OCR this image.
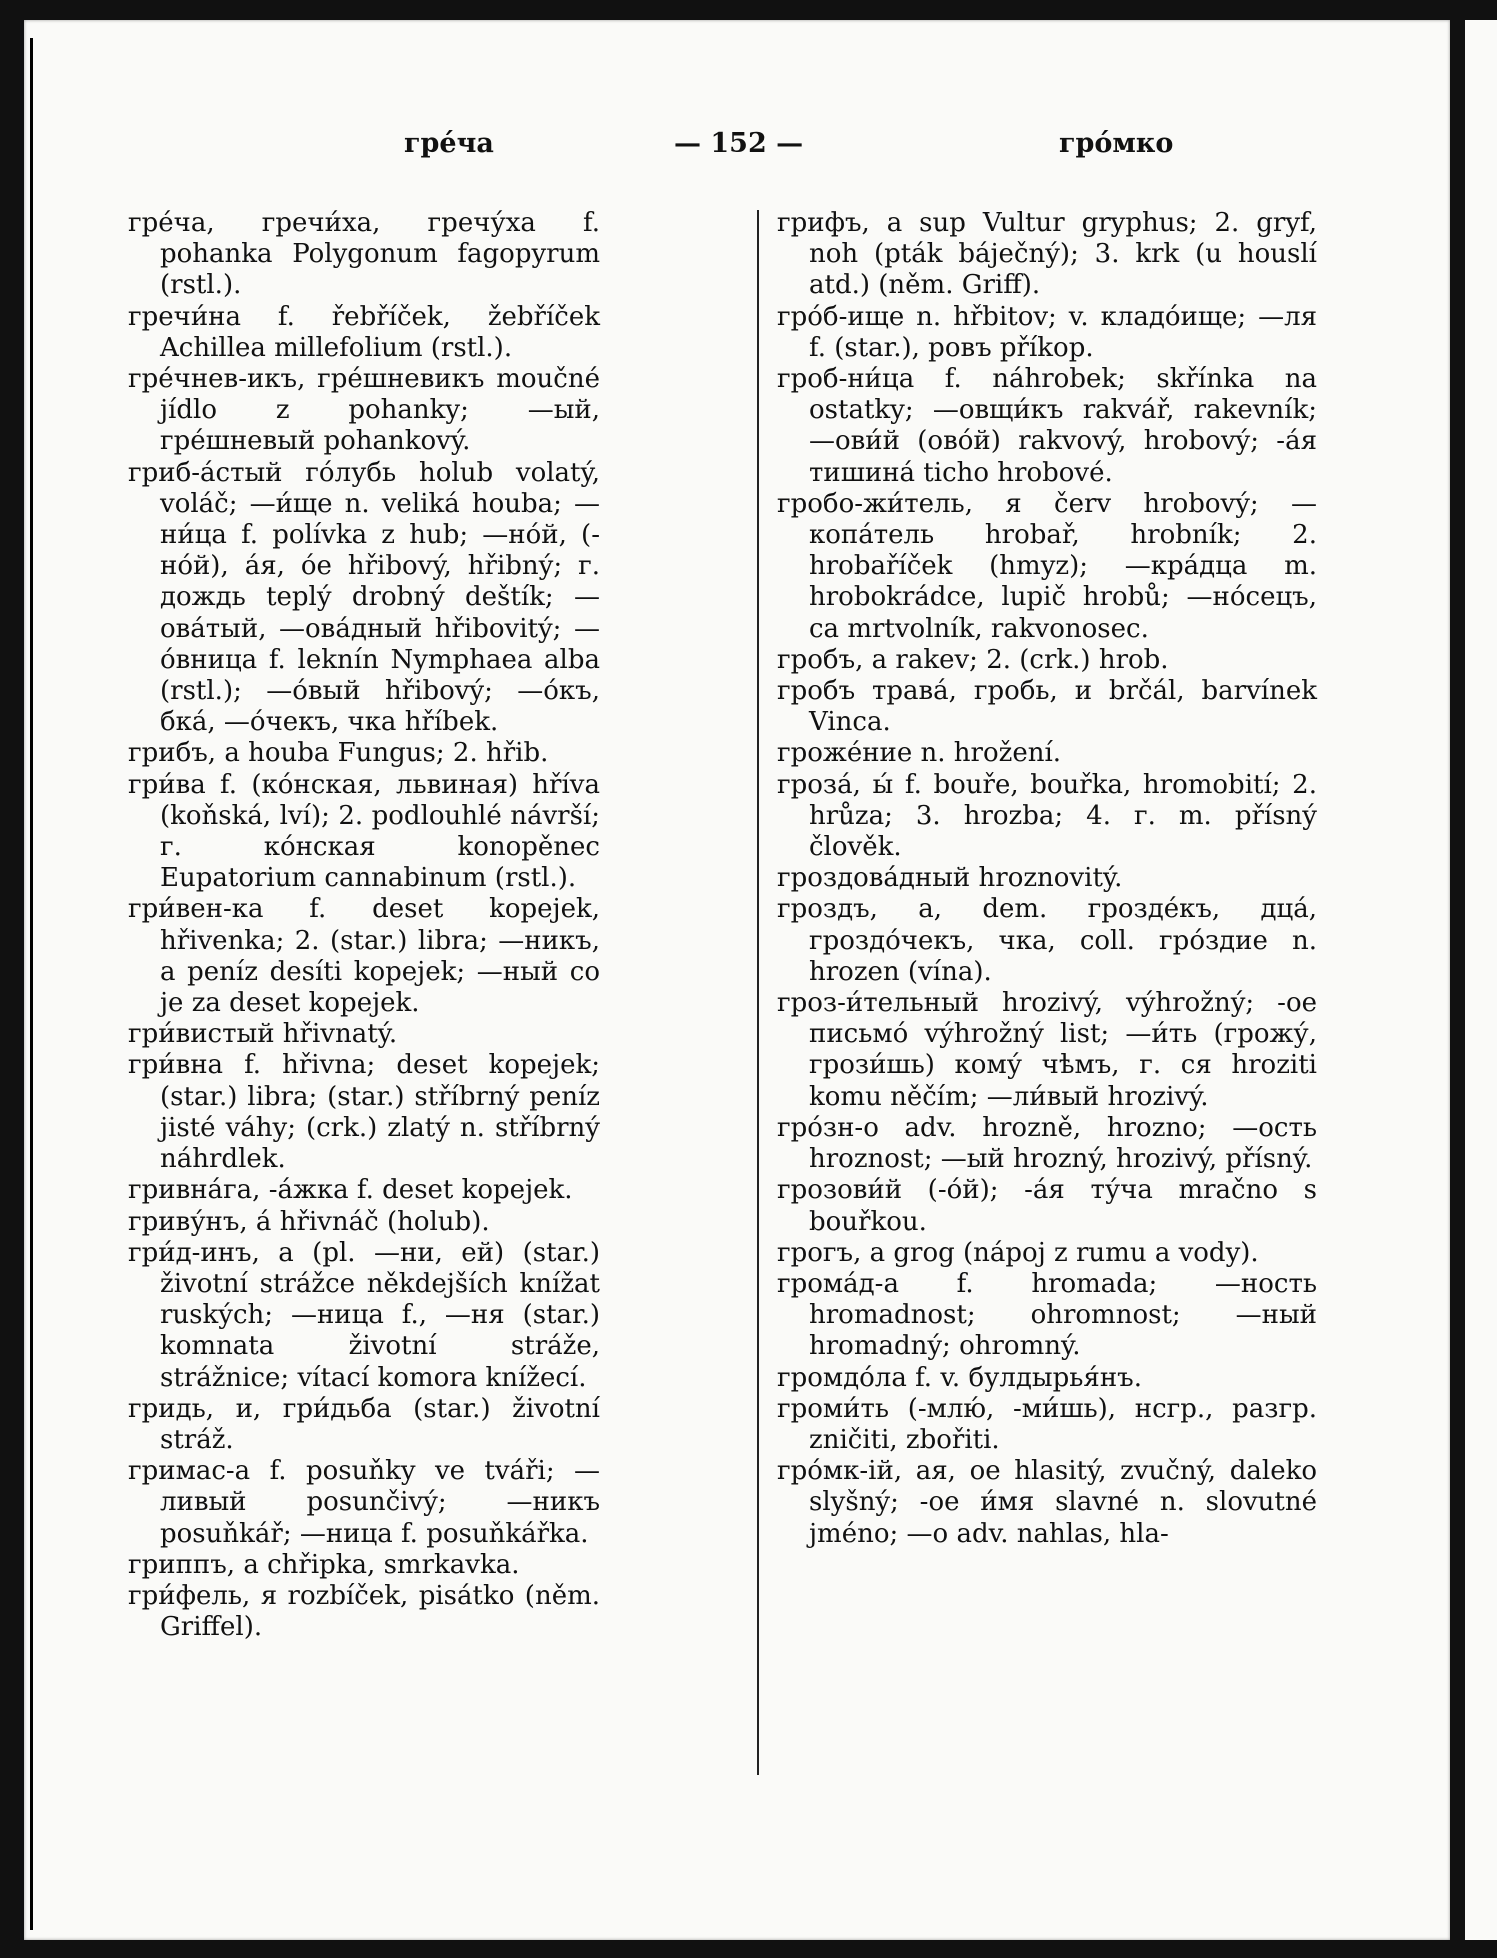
гре́ча	— 152 —	гро́мко

гре́ча, гречи́ха, гречу́ха f. pohanka Polygonum fagopyrum (rstl.).

гречи́на f. řebříček, žebříček Achillea millefolium (rstl.).

гре́чнев-икъ, гре́шневикъ moučné jídlo z pohanky; —ый, гре́шневый pohankový.

гриб-а́стый го́лубь holub volatý, voláč; —и́ще n. veliká houba; —ни́ца f. polívka z hub; —но́й, (-но́й), а́я, óe hřibový, hřibný; г. дождь teplý drobný deštík; —ова́тый, —ова́дный hřibovitý; —о́вница f. leknín Nymphaea alba (rstl.); —о́вый hřibový; —о́къ, бка́, —о́чекъ, чка hříbek.

грибъ, а houba Fungus; 2. hřib.

гри́ва f. (ко́нская, львиная) hříva (koňská, lví); 2. podlouhlé návrší; г. ко́нская konopěnec Eupatorium cannabinum (rstl.).

гри́вен-ка f. deset kopejek, hřivenka; 2. (star.) libra; —никъ, a peníz desíti kopejek; —ный co je za deset kopejek.

гри́вистый hřivnatý.

гри́вна f. hřivna; deset kopejek; (star.) libra; (star.) stříbrný peníz jisté váhy; (crk.) zlatý n. stříbrný náhrdlek.

гривна́га, -а́жка f. deset kopejek.

гриву́нъ, á hřivnáč (holub).

гри́д-инъ, а (pl. —ни, ей) (star.) životní strážce někdejších knížat ruských; —ница f., —ня (star.) komnata životní stráže, strážnice; vítací komora knížecí.

гридь, и, гри́дьба (star.) životní stráž.

гримас-а f. posuňky ve tváři; —ливый posunčivý; —никъ posuňkář; —ница f. posuňkářka.

гриппъ, а chřipka, smrkavka.

гри́фель, я rozbíček, pisátko (něm. Griffel).

грифъ, а sup Vultur gryphus; 2. gryf, noh (pták báječný); 3. krk (u houslí atd.) (něm. Griff).

гро́б-ище n. hřbitov; v. кладо́ище; —ля f. (star.), ровъ příkop.

гроб-ни́ца f. náhrobek; skřínka na ostatky; —овщи́къ rakvář, rakevník; —ови́й (ово́й) rakvový, hrobový; -а́я тишина́ ticho hrobové.

гробо-жи́тель, я červ hrobový; —копа́тель hrobař, hrobník; 2. hrobaříček (hmyz); —кра́дца m. hrobokrádce, lupič hrobů; —но́сецъ, са mrtvolník, rakvonosec.

гробъ, а rakev; 2. (crk.) hrob.

гробъ трава́, гробь, и brčál, barvínek Vinca.

гроже́ние n. hrožení.

гроза́, ы́ f. bouře, bouřka, hromobití; 2. hrůza; 3. hrozba; 4. г. m. přísný člověk.

гроздова́дный hroznovitý.

гроздъ, а, dem. грозде́къ, дца́, гроздо́чекъ, чка, coll. гро́здие n. hrozen (vína).

гроз-и́тельный hrozivý, výhrožný; -ое письмо́ výhrožný list; —и́ть (грожу́, грози́шь) кому́ чѣмъ, г. ся hroziti komu něčím; —ли́вый hrozivý.

гро́зн-о adv. hrozně, hrozno; —ость hroznost; —ый hrozný, hrozivý, přísný.

грозови́й (-о́й); -а́я ту́ча mračno s bouřkou.

грогъ, а grog (nápoj z rumu a vody).

громáд-а f. hromada; —ность hromadnost; ohromnost; —ный hromadný; ohromný.

громдо́ла f. v. булдырья́нъ.

громи́ть (-млю́, -ми́шь), нсгр., разгр. zničiti, zbořiti.

гро́мк-ій, ая, ое hlasitý, zvučný, daleko slyšný; -ое и́мя slavné n. slovutné jméno; —о adv. nahlas, hla-
